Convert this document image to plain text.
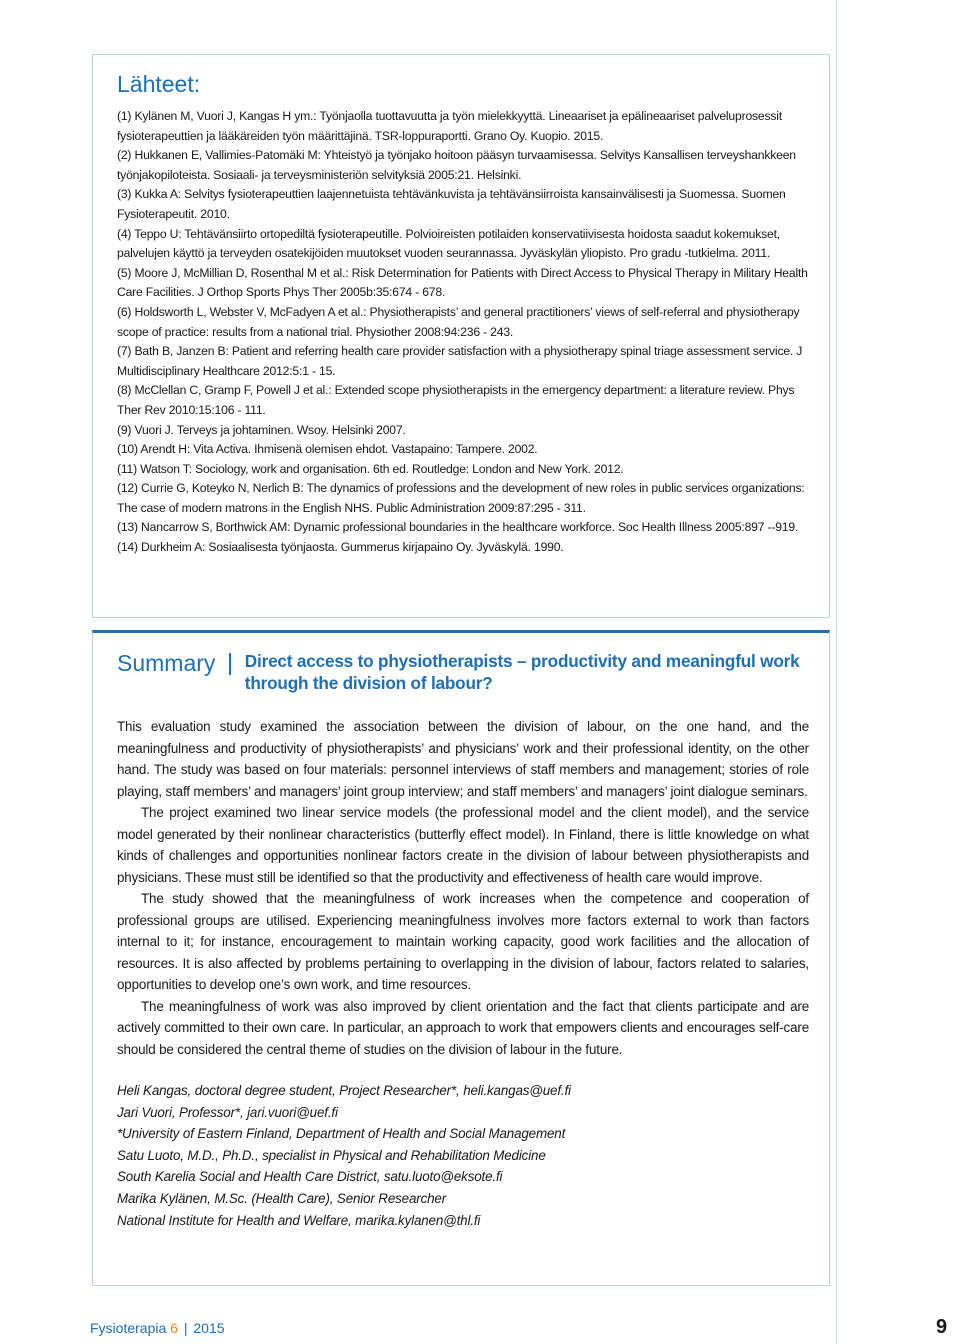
Lähteet:

(1) Kylänen M, Vuori J, Kangas H ym.: Työnjaolla tuottavuutta ja työn mielekkyyttä. Lineaariset ja epälineaariset palveluprosessit fysioterapeuttien ja lääkäreiden työn määrittäjinä. TSR-loppuraportti. Grano Oy. Kuopio. 2015.

(2) Hukkanen E, Vallimies-Patomäki M: Yhteistyö ja työnjako hoitoon pääsyn turvaamisessa. Selvitys Kansallisen terveyshankkeen työnjakopiloteista. Sosiaali- ja terveysministeriön selvityksiä 2005:21. Helsinki.

(3) Kukka A: Selvitys fysioterapeuttien laajennetuista tehtävänkuvista ja tehtävänsiirroista kansainvälisesti ja Suomessa. Suomen Fysioterapeutit. 2010.

(4) Teppo U: Tehtävänsiirto ortopediltä fysioterapeutille. Polvioireisten potilaiden konservatiivisesta hoidosta saadut kokemukset, palvelujen käyttö ja terveyden osatekijöiden muutokset vuoden seurannassa. Jyväskylän yliopisto. Pro gradu -tutkielma. 2011.

(5) Moore J, McMillian D, Rosenthal M et al.: Risk Determination for Patients with Direct Access to Physical Therapy in Military Health Care Facilities. J Orthop Sports Phys Ther 2005b:35:674 - 678.

(6) Holdsworth L, Webster V, McFadyen A et al.: Physiotherapists’ and general practitioners’ views of self-referral and physiotherapy scope of practice: results from a national trial. Physiother 2008:94:236 - 243.

(7) Bath B, Janzen B: Patient and referring health care provider satisfaction with a physiotherapy spinal triage assessment service. J Multidisciplinary Healthcare 2012:5:1 - 15.

(8) McClellan C, Gramp F, Powell J et al.: Extended scope physiotherapists in the emergency department: a literature review. Phys Ther Rev 2010:15:106 - 111.

(9) Vuori J. Terveys ja johtaminen. Wsoy. Helsinki 2007.

(10) Arendt H: Vita Activa. Ihmisenä olemisen ehdot. Vastapaino: Tampere. 2002.

(11) Watson T: Sociology, work and organisation. 6th ed. Routledge: London and New York. 2012.

(12) Currie G, Koteyko N, Nerlich B: The dynamics of professions and the development of new roles in public services organizations: The case of modern matrons in the English NHS. Public Administration 2009:87:295 - 311.

(13) Nancarrow S, Borthwick AM: Dynamic professional boundaries in the healthcare workforce. Soc Health Illness 2005:897 --919.

(14) Durkheim A: Sosiaalisesta työnjaosta. Gummerus kirjapaino Oy. Jyväskylä. 1990.

Summary	Direct access to physiotherapists – productivity and meaningful work through the division of labour?

This evaluation study examined the association between the division of labour, on the one hand, and the meaningfulness and productivity of physiotherapists’ and physicians’ work and their professional identity, on the other hand. The study was based on four materials: personnel interviews of staff members and management; stories of role playing, staff members’ and managers’ joint group interview; and staff members’ and managers’ joint dialogue seminars.

The project examined two linear service models (the professional model and the client model), and the service model generated by their nonlinear characteristics (butterfly effect model). In Finland, there is little knowledge on what kinds of challenges and opportunities nonlinear factors create in the division of labour between physiotherapists and physicians. These must still be identified so that the productivity and effectiveness of health care would improve.

The study showed that the meaningfulness of work increases when the competence and cooperation of professional groups are utilised. Experiencing meaningfulness involves more factors external to work than factors internal to it; for instance, encouragement to maintain working capacity, good work facilities and the allocation of resources. It is also affected by problems pertaining to overlapping in the division of labour, factors related to salaries, opportunities to develop one’s own work, and time resources.

The meaningfulness of work was also improved by client orientation and the fact that clients participate and are actively committed to their own care. In particular, an approach to work that empowers clients and encourages self-care should be considered the central theme of studies on the division of labour in the future.

Heli Kangas, doctoral degree student, Project Researcher*, heli.kangas@uef.fi

Jari Vuori, Professor*, jari.vuori@uef.fi

*University of Eastern Finland, Department of Health and Social Management

Satu Luoto, M.D., Ph.D., specialist in Physical and Rehabilitation Medicine

South Karelia Social and Health Care District, satu.luoto@eksote.fi

Marika Kylänen, M.Sc. (Health Care), Senior Researcher

National Institute for Health and Welfare, marika.kylanen@thl.fi

Fysioterapia 6 | 2015	9
